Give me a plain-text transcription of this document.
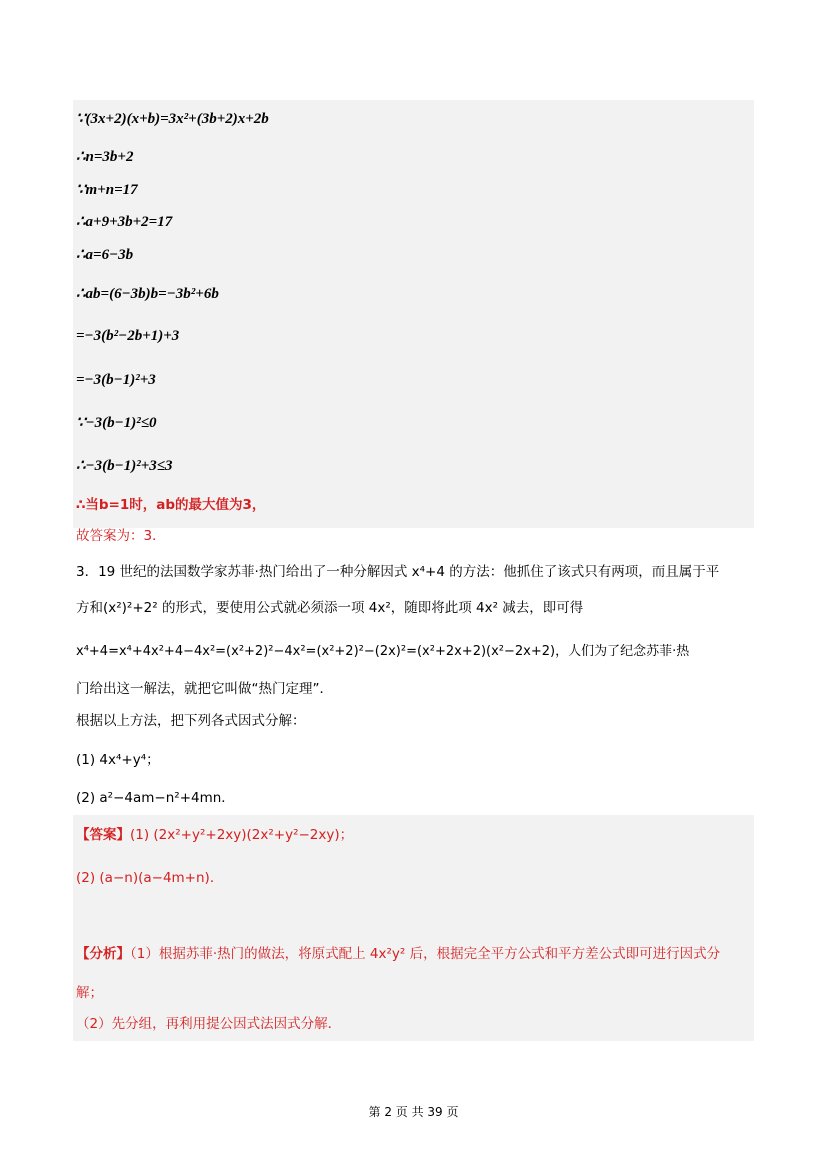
∵(3x+2)(x+b)=3x²+(3b+2)x+2b
∴n=3b+2
∵m+n=17
∴a+9+3b+2=17
∴a=6−3b
∴ab=(6−3b)b=−3b²+6b
=−3(b²−2b+1)+3
=−3(b−1)²+3
∵−3(b−1)²≤0
∴−3(b−1)²+3≤3
∴当b=1时，ab的最大值为3，
故答案为：3．
3．19 世纪的法国数学家苏菲·热门给出了一种分解因式 x⁴+4 的方法：他抓住了该式只有两项，而且属于平
方和(x²)²+2² 的形式，要使用公式就必须添一项 4x²，随即将此项 4x² 减去，即可得
x⁴+4=x⁴+4x²+4−4x²=(x²+2)²−4x²=(x²+2)²−(2x)²=(x²+2x+2)(x²−2x+2)，人们为了纪念苏菲·热
门给出这一解法，就把它叫做“热门定理”．
根据以上方法，把下列各式因式分解：
(1) 4x⁴+y⁴；
(2) a²−4am−n²+4mn．
【答案】(1) (2x²+y²+2xy)(2x²+y²−2xy)；
(2) (a−n)(a−4m+n)．
【分析】（1）根据苏菲·热门的做法，将原式配上 4x²y² 后，根据完全平方公式和平方差公式即可进行因式分
解；
（2）先分组，再利用提公因式法因式分解．
第 2 页 共 39 页
